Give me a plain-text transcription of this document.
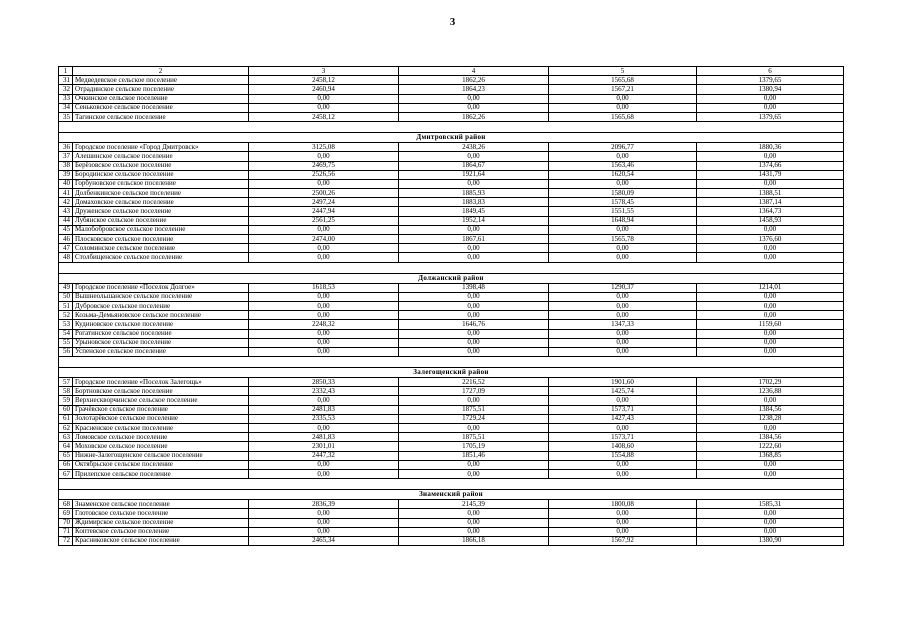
3
1	2	3	4	5	6
31	Медведевское сельское поселение	2458,12	1862,26	1565,68	1379,65
32	Отрадинское сельское поселение	2460,94	1864,23	1567,21	1380,94
33	Очкинское сельское поселение	0,00	0,00	0,00	0,00
34	Сеньковское сельское поселение	0,00	0,00	0,00	0,00
35	Тагинское сельское поселение	2458,12	1862,26	1565,68	1379,65

Дмитровский район					
36	Городское поселение «Город Дмитровск»	3125,08	2438,26	2096,77	1880,36
37	Алешинское сельское поселение	0,00	0,00	0,00	0,00
38	Берёзовское сельское поселение	2469,75	1864,67	1563,46	1374,66
39	Бородинское сельское поселение	2526,56	1921,64	1620,54	1431,79
40	Горбуновское сельское поселение	0,00	0,00	0,00	0,00
41	Долбенкинское сельское поселение	2500,26	1885,93	1580,09	1388,51
42	Домаховское сельское поселение	2497,24	1883,83	1578,45	1387,14
43	Друженское сельское поселение	2447,94	1849,45	1551,55	1364,73
44	Лубянское сельское поселение	2561,25	1952,14	1648,94	1458,93
45	Малобобровское сельское поселение	0,00	0,00	0,00	0,00
46	Плосковское сельское поселение	2474,00	1867,61	1565,78	1376,60
47	Соломинское сельское поселение	0,00	0,00	0,00	0,00
48	Столбищенское сельское поселение	0,00	0,00	0,00	0,00

Должанский район					
49	Городское поселение «Поселок Долгое»	1618,53	1398,48	1290,37	1214,01
50	Вышнеольшанское сельское поселение	0,00	0,00	0,00	0,00
51	Дубровское сельское поселение	0,00	0,00	0,00	0,00
52	Козьма-Демьяновское сельское поселение	0,00	0,00	0,00	0,00
53	Кудиновское сельское поселение	2248,32	1646,76	1347,33	1159,60
54	Рогатинское сельское поселение	0,00	0,00	0,00	0,00
55	Урыновское сельское поселение	0,00	0,00	0,00	0,00
56	Успенское сельское поселение	0,00	0,00	0,00	0,00

Залегощенский район					
57	Городское поселение «Поселок Залегощь»	2850,33	2216,52	1901,60	1702,29
58	Бортновское сельское поселение	2332,43	1727,09	1425,74	1236,88
59	Верхнескворчинское сельское поселение	0,00	0,00	0,00	0,00
60	Грачёвское сельское поселение	2481,83	1875,51	1573,71	1384,56
61	Золотарёвское сельское поселение	2335,53	1729,24	1427,43	1238,28
62	Красненское сельское поселение	0,00	0,00	0,00	0,00
63	Ломовское сельское поселение	2481,83	1875,51	1573,71	1384,56
64	Моховское сельское поселение	2301,01	1705,19	1408,60	1222,60
65	Нижне-Залегощенское сельское поселение	2447,32	1851,46	1554,88	1368,85
66	Октябрьское сельское поселение	0,00	0,00	0,00	0,00
67	Прилепское сельское поселение	0,00	0,00	0,00	0,00

Знаменский район					
68	Знаменское сельское поселение	2836,39	2145,39	1800,08	1585,31
69	Глотовское сельское поселение	0,00	0,00	0,00	0,00
70	Ждимирское сельское поселение	0,00	0,00	0,00	0,00
71	Коптевское сельское поселение	0,00	0,00	0,00	0,00
72	Красниковское сельское поселение	2465,34	1866,18	1567,92	1380,90
